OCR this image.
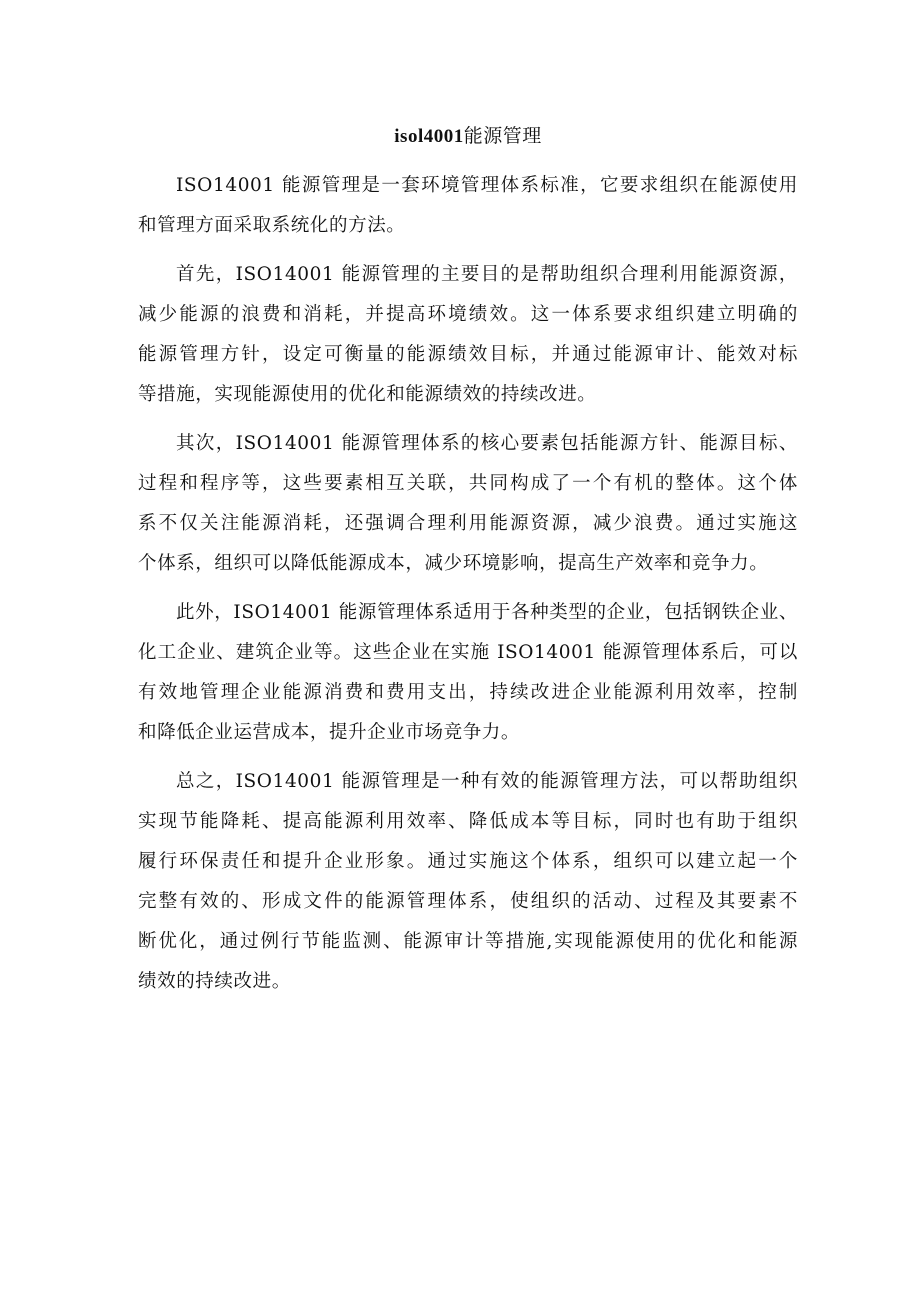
isol4001能源管理

ISO14001 能源管理是一套环境管理体系标准，它要求组织在能源使用
和管理方面采取系统化的方法。

首先，ISO14001 能源管理的主要目的是帮助组织合理利用能源资源，
减少能源的浪费和消耗，并提高环境绩效。这一体系要求组织建立明确的
能源管理方针，设定可衡量的能源绩效目标，并通过能源审计、能效对标
等措施，实现能源使用的优化和能源绩效的持续改进。

其次，ISO14001 能源管理体系的核心要素包括能源方针、能源目标、
过程和程序等，这些要素相互关联，共同构成了一个有机的整体。这个体
系不仅关注能源消耗，还强调合理利用能源资源，减少浪费。通过实施这
个体系，组织可以降低能源成本，减少环境影响，提高生产效率和竞争力。

此外，ISO14001 能源管理体系适用于各种类型的企业，包括钢铁企业、
化工企业、建筑企业等。这些企业在实施 ISO14001 能源管理体系后，可以
有效地管理企业能源消费和费用支出，持续改进企业能源利用效率，控制
和降低企业运营成本，提升企业市场竞争力。

总之，ISO14001 能源管理是一种有效的能源管理方法，可以帮助组织
实现节能降耗、提高能源利用效率、降低成本等目标，同时也有助于组织
履行环保责任和提升企业形象。通过实施这个体系，组织可以建立起一个
完整有效的、形成文件的能源管理体系，使组织的活动、过程及其要素不
断优化，通过例行节能监测、能源审计等措施,实现能源使用的优化和能源
绩效的持续改进。
